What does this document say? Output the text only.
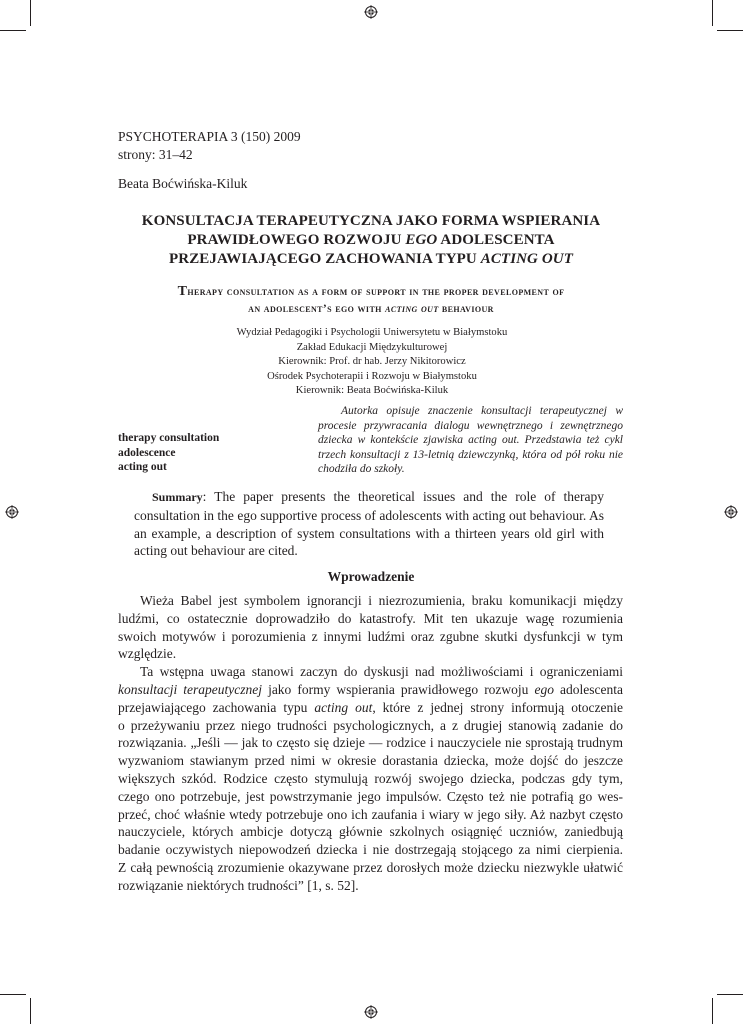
PSYCHOTERAPIA 3 (150) 2009
strony: 31–42
Beata Boćwińska-Kiluk
KONSULTACJA TERAPEUTYCZNA JAKO FORMA WSPIERANIA
PRAWIDŁOWEGO ROZWOJU EGO ADOLESCENTA
PRZEJAWIAJĄCEGO ZACHOWANIA TYPU ACTING OUT
Therapy consultation as a form of support in the proper development of
an adolescent’s ego with acting out behaviour
Wydział Pedagogiki i Psychologii Uniwersytetu w Białymstoku
Zakład Edukacji Międzykulturowej
Kierownik: Prof. dr hab. Jerzy Nikitorowicz
Ośrodek Psychoterapii i Rozwoju w Białymstoku
Kierownik: Beata Boćwińska-Kiluk
therapy consultation
adolescence
acting out
Autorka opisuje znaczenie konsultacji terapeutycznej w procesie przywracania dialogu wewnętrznego i zewnętrznego dziecka w kontekście zjawiska acting out. Przedstawia też cykl trzech konsultacji z 13-letnią dziewczynką, która od pół roku nie chodziła do szkoły.
Summary: The paper presents the theoretical issues and the role of therapy consultation in the ego supportive process of adolescents with acting out behaviour. As an example, a description of system consultations with a thirteen years old girl with acting out behaviour are cited.
Wprowadzenie
Wieża Babel jest symbolem ignorancji i niezrozumienia, braku komunikacji między
ludźmi, co ostatecznie doprowadziło do katastrofy. Mit ten ukazuje wagę rozumienia
swoich motywów i porozumienia z innymi ludźmi oraz zgubne skutki dysfunkcji w tym
względzie.
Ta wstępna uwaga stanowi zaczyn do dyskusji nad możliwościami i ograniczeniami
konsultacji terapeutycznej jako formy wspierania prawidłowego rozwoju ego adolescenta
przejawiającego zachowania typu acting out, które z jednej strony informują otoczenie
o przeżywaniu przez niego trudności psychologicznych, a z drugiej stanowią zadanie do
rozwiązania. „Jeśli — jak to często się dzieje — rodzice i nauczyciele nie sprostają trudnym
wyzwaniom stawianym przed nimi w okresie dorastania dziecka, może dojść do jeszcze
większych szkód. Rodzice często stymulują rozwój swojego dziecka, podczas gdy tym,
czego ono potrzebuje, jest powstrzymanie jego impulsów. Często też nie potrafią go wes-
przeć, choć właśnie wtedy potrzebuje ono ich zaufania i wiary w jego siły. Aż nazbyt często
nauczyciele, których ambicje dotyczą głównie szkolnych osiągnięć uczniów, zaniedbują
badanie oczywistych niepowodzeń dziecka i nie dostrzegają stojącego za nimi cierpienia.
Z całą pewnością zrozumienie okazywane przez dorosłych może dziecku niezwykle ułatwić
rozwiązanie niektórych trudności” [1, s. 52].
